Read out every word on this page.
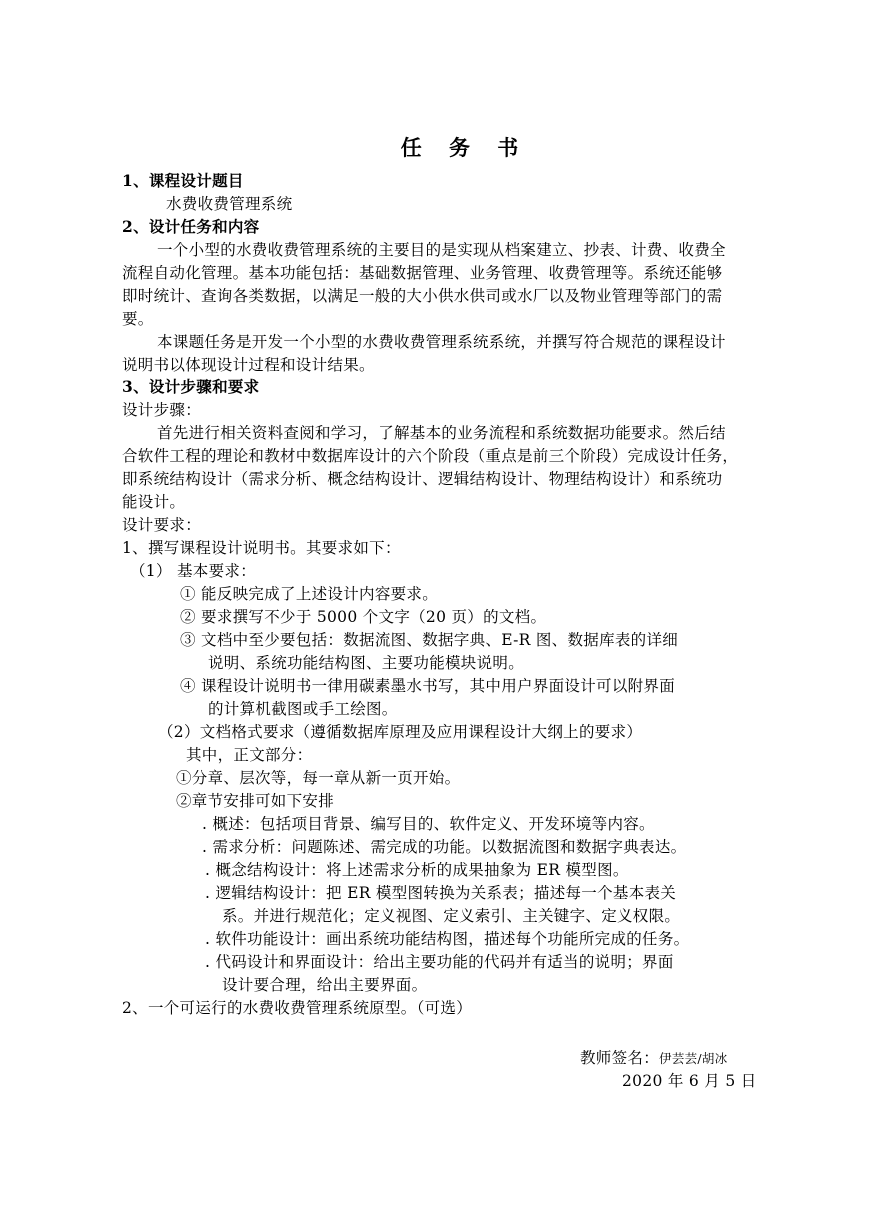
任 务 书
1、课程设计题目
水费收费管理系统
2、设计任务和内容
一个小型的水费收费管理系统的主要目的是实现从档案建立、抄表、计费、收费全
流程自动化管理。基本功能包括：基础数据管理、业务管理、收费管理等。系统还能够
即时统计、查询各类数据，以满足一般的大小供水供司或水厂以及物业管理等部门的需
要。
本课题任务是开发一个小型的水费收费管理系统系统，并撰写符合规范的课程设计
说明书以体现设计过程和设计结果。
3、设计步骤和要求
设计步骤：
首先进行相关资料查阅和学习，了解基本的业务流程和系统数据功能要求。然后结
合软件工程的理论和教材中数据库设计的六个阶段（重点是前三个阶段）完成设计任务，
即系统结构设计（需求分析、概念结构设计、逻辑结构设计、物理结构设计）和系统功
能设计。
设计要求：
1、撰写课程设计说明书。其要求如下：
（1） 基本要求：
① 能反映完成了上述设计内容要求。
② 要求撰写不少于 5000 个文字（20 页）的文档。
③ 文档中至少要包括：数据流图、数据字典、E-R 图、数据库表的详细
说明、系统功能结构图、主要功能模块说明。
④ 课程设计说明书一律用碳素墨水书写，其中用户界面设计可以附界面
的计算机截图或手工绘图。
（2）文档格式要求（遵循数据库原理及应用课程设计大纲上的要求）
其中，正文部分：
①分章、层次等，每一章从新一页开始。
②章节安排可如下安排
. 概述：包括项目背景、编写目的、软件定义、开发环境等内容。
. 需求分析：问题陈述、需完成的功能。以数据流图和数据字典表达。
. 概念结构设计：将上述需求分析的成果抽象为 ER 模型图。
. 逻辑结构设计：把 ER 模型图转换为关系表；描述每一个基本表关
系。并进行规范化；定义视图、定义索引、主关键字、定义权限。
. 软件功能设计：画出系统功能结构图，描述每个功能所完成的任务。
. 代码设计和界面设计：给出主要功能的代码并有适当的说明；界面
设计要合理，给出主要界面。
2、一个可运行的水费收费管理系统原型。（可选）
教师签名：伊芸芸/胡冰
2020 年 6 月 5 日
